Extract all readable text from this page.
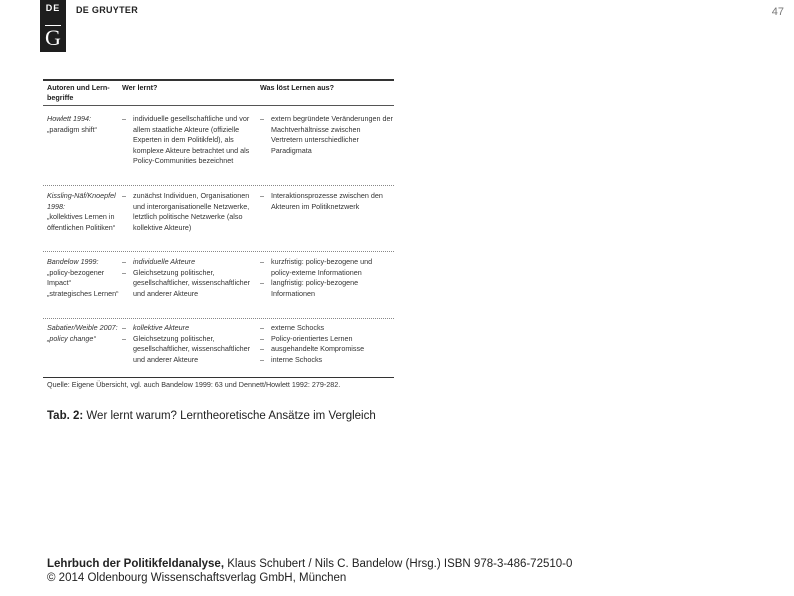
DE
G
DE GRUYTER	47
Autoren und Lern-begriffe
Wer lernt?	Was löst Lernen aus?
Howlett 1994:
„paradigm shift“
– individuelle gesellschaftliche und vor allem staatliche Akteure (offizielle Experten in dem Politikfeld), als komplexe Akteure betrachtet und als Policy-Communities bezeichnet
– extern begründete Veränderungen der Machtverhältnisse zwischen Vertretern unterschiedlicher Paradigmata
Kissling-Näf/Knoepfel 1998:
„kollektives Lernen in öffentlichen Politiken“
– zunächst Individuen, Organisationen und interorganisationelle Netzwerke, letztlich politische Netzwerke (also kollektive Akteure)
– Interaktionsprozesse zwischen den Akteuren im Politiknetzwerk
Bandelow 1999:
„policy-bezogener Impact“
„strategisches Lernen“
– individuelle Akteure
– Gleichsetzung politischer, gesellschaftlicher, wissenschaftlicher und anderer Akteure
– kurzfristig: policy-bezogene und policy-externe Informationen
– langfristig: policy-bezogene Informationen
Sabatier/Weible 2007:
„policy change“
– kollektive Akteure
– Gleichsetzung politischer, gesellschaftlicher, wissenschaftlicher und anderer Akteure
– externe Schocks
– Policy-orientiertes Lernen
– ausgehandelte Kompromisse
– interne Schocks
Quelle: Eigene Übersicht, vgl. auch Bandelow 1999: 63 und Dennett/Howlett 1992: 279-282.
Tab. 2: Wer lernt warum? Lerntheoretische Ansätze im Vergleich
Lehrbuch der Politikfeldanalyse, Klaus Schubert / Nils C. Bandelow (Hrsg.) ISBN 978-3-486-72510-0
© 2014 Oldenbourg Wissenschaftsverlag GmbH, München
